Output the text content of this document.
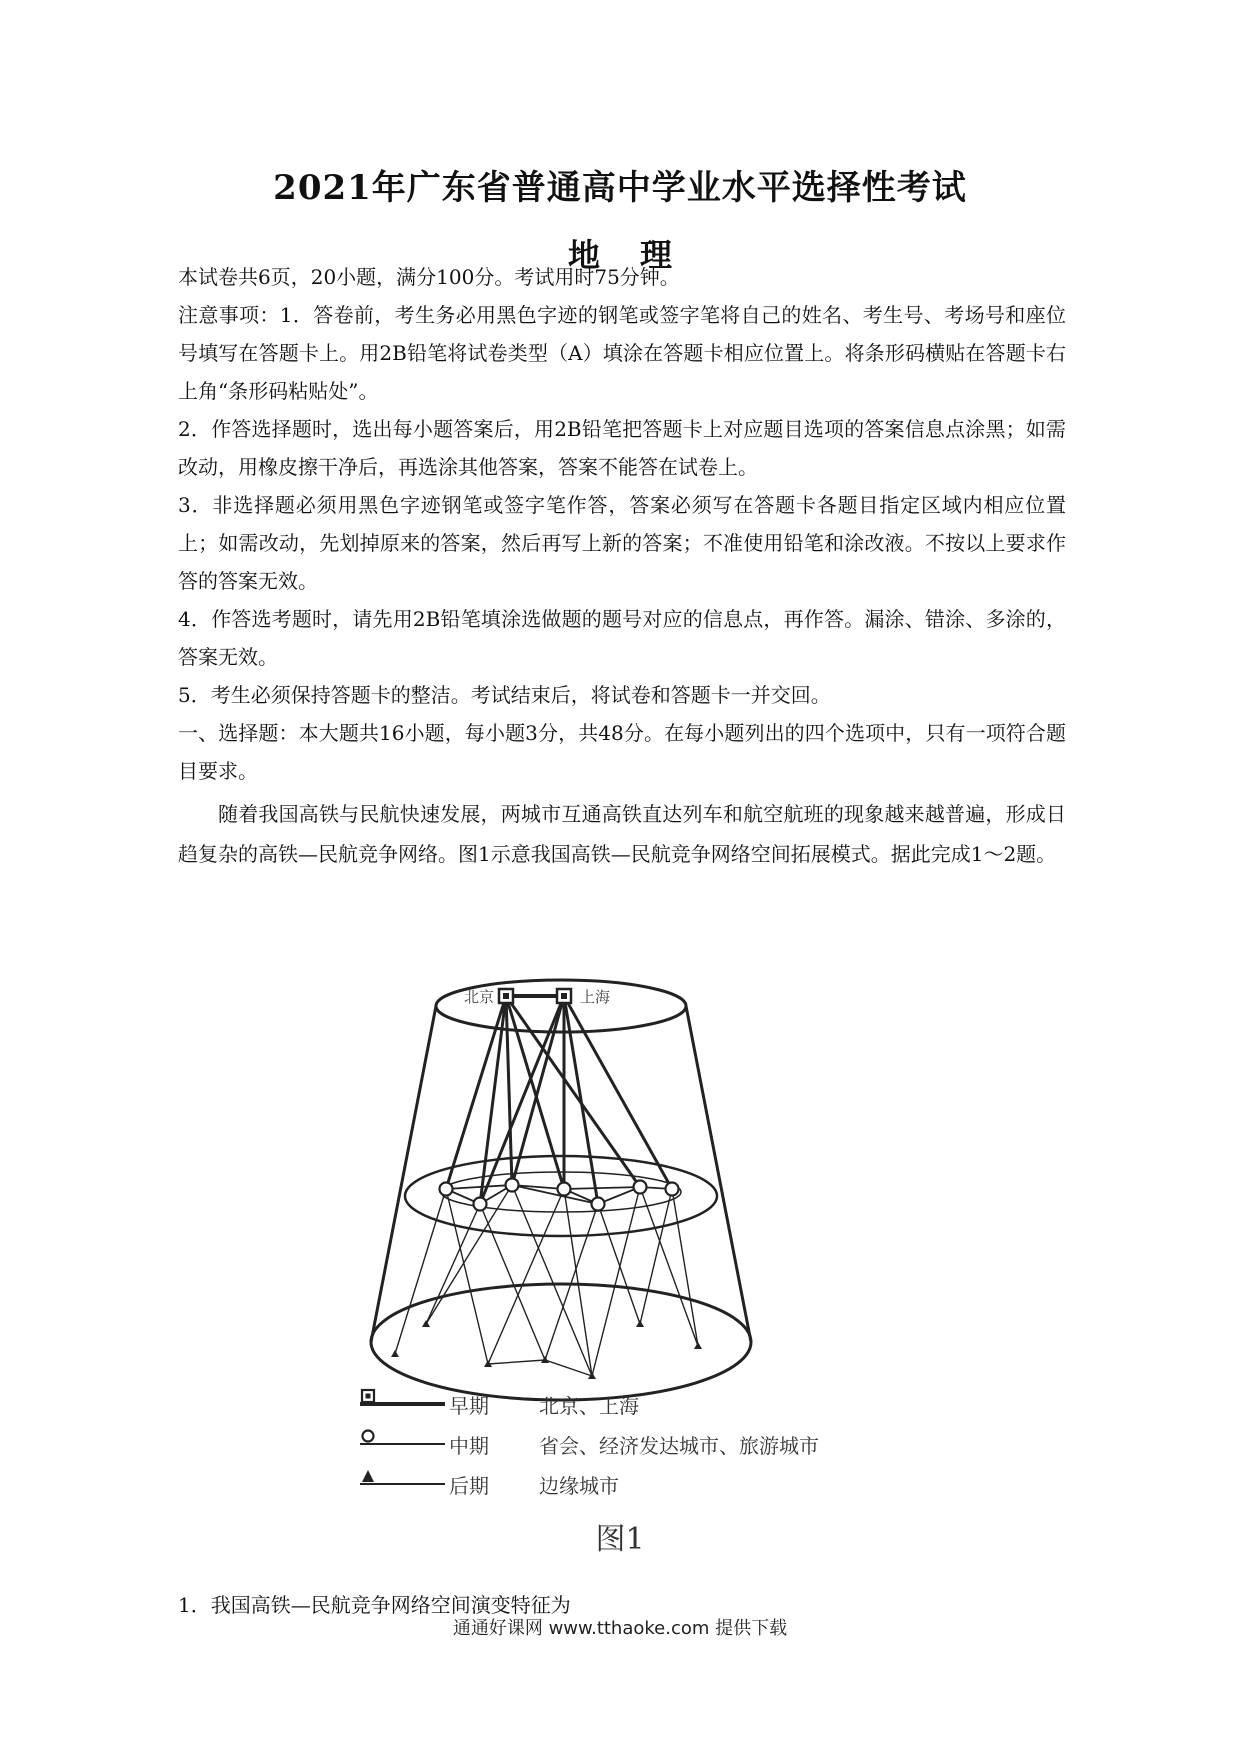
2021年广东省普通高中学业水平选择性考试
地理

本试卷共6页，20小题，满分100分。考试用时75分钟。

注意事项：1．答卷前，考生务必用黑色字迹的钢笔或签字笔将自己的姓名、考生号、考场号和座位号填写在答题卡上。用2B铅笔将试卷类型（A）填涂在答题卡相应位置上。将条形码横贴在答题卡右上角“条形码粘贴处”。

2．作答选择题时，选出每小题答案后，用2B铅笔把答题卡上对应题目选项的答案信息点涂黑；如需改动，用橡皮擦干净后，再选涂其他答案，答案不能答在试卷上。

3．非选择题必须用黑色字迹钢笔或签字笔作答，答案必须写在答题卡各题目指定区域内相应位置上；如需改动，先划掉原来的答案，然后再写上新的答案；不准使用铅笔和涂改液。不按以上要求作答的答案无效。

4．作答选考题时，请先用2B铅笔填涂选做题的题号对应的信息点，再作答。漏涂、错涂、多涂的，答案无效。

5．考生必须保持答题卡的整洁。考试结束后，将试卷和答题卡一并交回。

一、选择题：本大题共16小题，每小题3分，共48分。在每小题列出的四个选项中，只有一项符合题目要求。

随着我国高铁与民航快速发展，两城市互通高铁直达列车和航空航班的现象越来越普遍，形成日趋复杂的高铁—民航竞争网络。图1示意我国高铁—民航竞争网络空间拓展模式。据此完成1～2题。

北京	上海
早期	北京、上海
中期	省会、经济发达城市、旅游城市
后期	边缘城市
图1

1．我国高铁—民航竞争网络空间演变特征为

通通好课网 www.tthaoke.com 提供下载
